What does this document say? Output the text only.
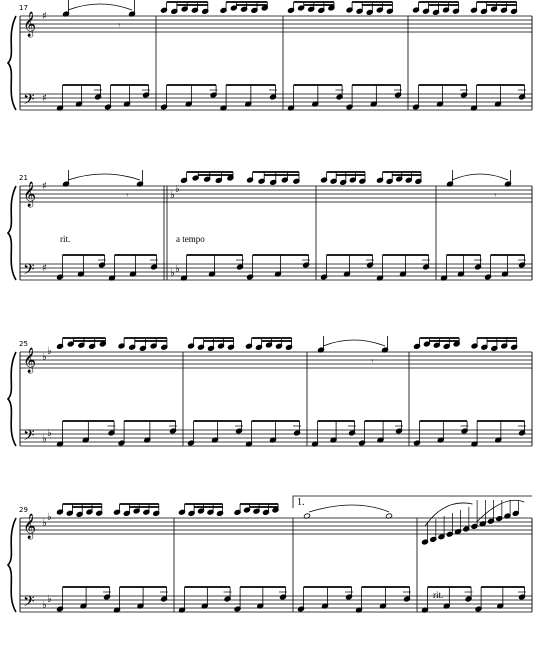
17
𝄞
𝄢
♯
♯
𝄾
21
𝄞
𝄢
♯
♯
♭
♭
♭
♭
𝄾	𝄾
rit.	a tempo
25
𝄞
𝄢
♭
♭
♭
♭
𝄾
29
𝄞
𝄢
♭
♭
♭
♭	rit.
1.
